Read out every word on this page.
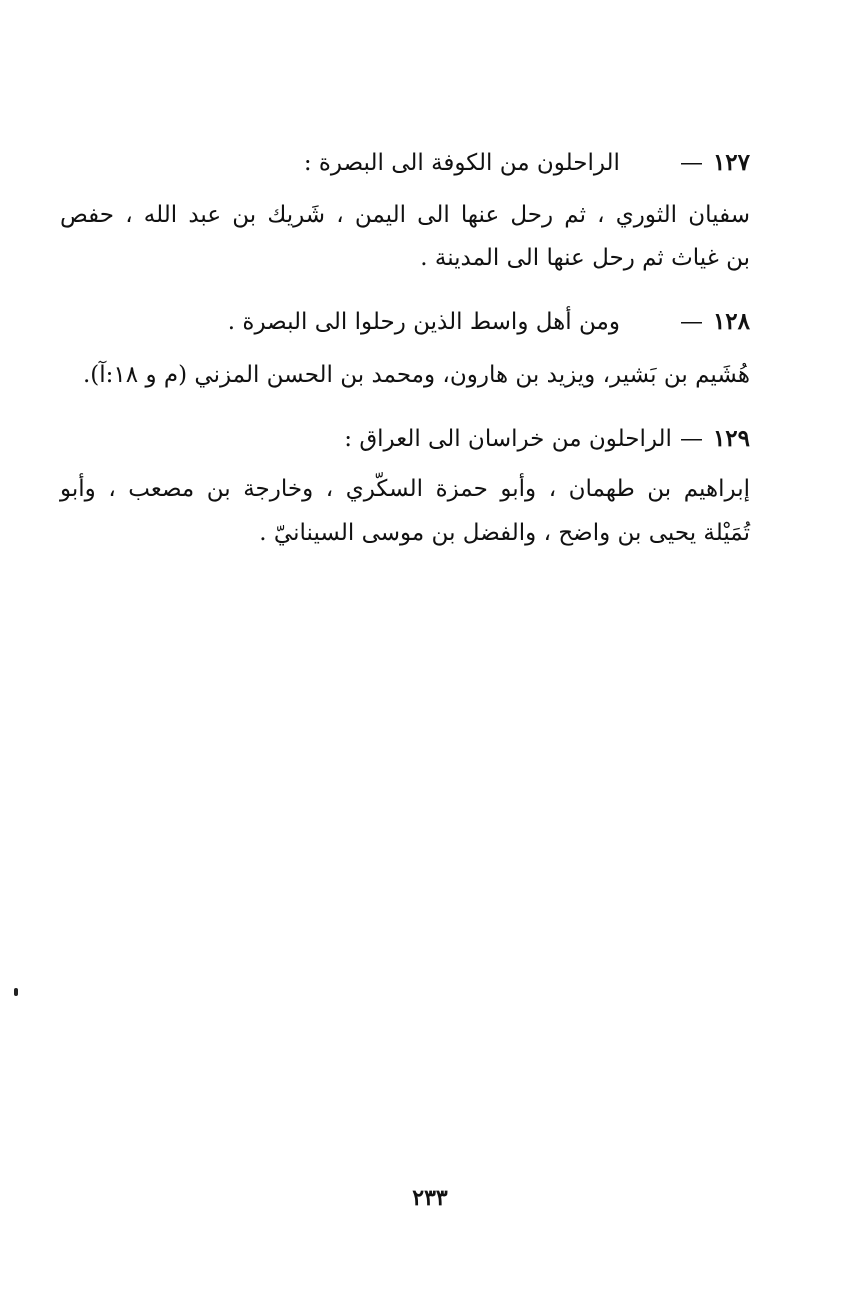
١٢٧—الراحلون من الكوفة الى البصرة :
سفيان الثوري ، ثم رحل عنها الى اليمن ، شَريك بن عبد الله ، حفص
بن غياث ثم رحل عنها الى المدينة .
١٢٨—ومن أهل واسط الذين رحلوا الى البصرة .
هُشَيم بن بَشير، ويزيد بن هارون، ومحمد بن الحسن المزني (م و ١٨:آ).
١٢٩—الراحلون من خراسان الى العراق :
إبراهيم بن طهمان ، وأبو حمزة السكّري ، وخارجة بن مصعب ، وأبو
تُمَيْلة يحيى بن واضح ، والفضل بن موسى السينانيّ .
٢٣٣
